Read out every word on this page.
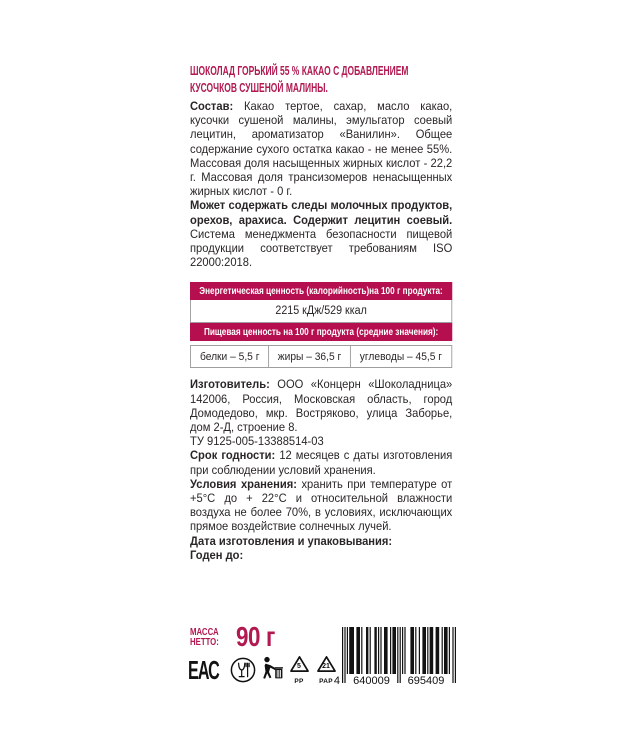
ШОКОЛАД ГОРЬКИЙ 55 % КАКАО С ДОБАВЛЕНИЕМ
КУСОЧКОВ СУШЕНОЙ МАЛИНЫ.

Состав: Какао тертое, сахар, масло какао, кусочки сушеной малины, эмульгатор соевый лецитин, ароматизатор «Ванилин». Общее содержание сухого остатка какао - не менее 55%. Массовая доля насыщенных жирных кислот - 22,2 г. Массовая доля трансизомеров ненасыщенных жирных кислот - 0 г.

Может содержать следы молочных продуктов, орехов, арахиса. Содержит лецитин соевый. Система менеджмента безопасности пищевой продукции соответствует требованиям ISO 22000:2018.

Энергетическая ценность (калорийность)на 100 г продукта:
2215 кДж/529 ккал
Пищевая ценность на 100 г продукта (средние значения):
белки – 5,5 г	жиры – 36,5 г	углеводы – 45,5 г

Изготовитель: ООО «Концерн «Шоколадница» 142006, Россия, Московская область, город Домодедово, мкр. Востряково, улица Заборье, дом 2-Д, строение 8.

ТУ 9125-005-13388514-03

Срок годности: 12 месяцев с даты изготовления при соблюдении условий хранения.

Условия хранения: хранить при температуре от +5°С до + 22°С и относительной влажности воздуха не более 70%, в условиях, исключающих прямое воздействие солнечных лучей.

Дата изготовления и упаковывания:

Годен до:

МАССА
НЕТТО: 90 г
ЕАС	5
PP
21
PAP 4	640009	695409
